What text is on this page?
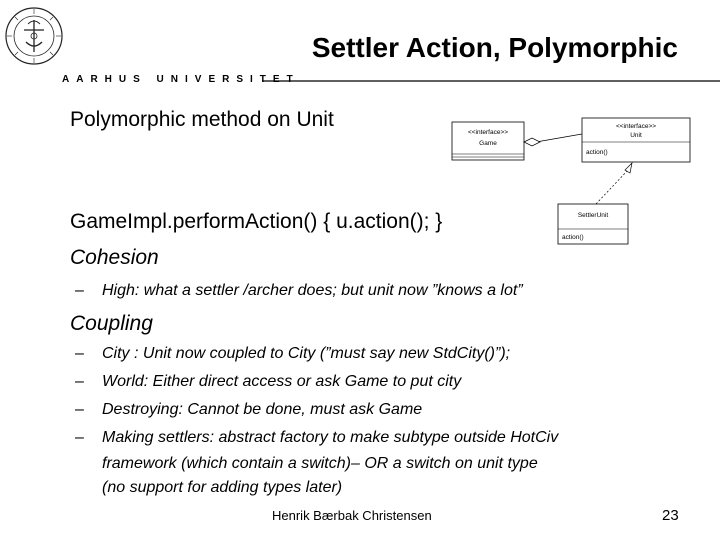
Settler Action, Polymorphic
AARHUS UNIVERSITET
Polymorphic method on Unit
<<interface>>
Game
<<interface>>
Unit
action()
SettlerUnit
action()
GameImpl.performAction() { u.action(); }
Cohesion
– High: what a settler /archer does; but unit now ”knows a lot”
Coupling
– City : Unit now coupled to City (”must say new StdCity()”);
– World: Either direct access or ask Game to put city
– Destroying: Cannot be done, must ask Game
– Making settlers: abstract factory to make subtype outside HotCiv
framework (which contain a switch)– OR a switch on unit type
(no support for adding types later)
Henrik Bærbak Christensen	23
